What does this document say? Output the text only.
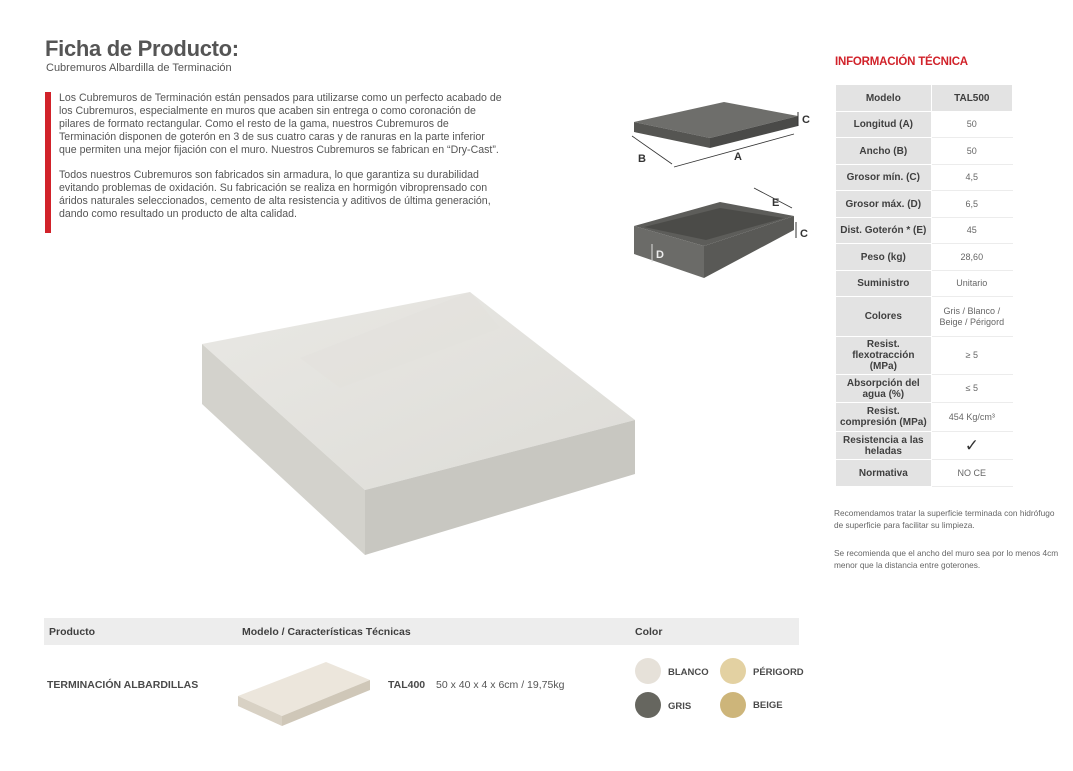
Ficha de Producto:
Cubremuros Albardilla de Terminación

Los Cubremuros de Terminación están pensados para utilizarse como un perfecto acabado de los Cubremuros, especialmente en muros que acaben sin entrega o como coronación de pilares de formato rectangular. Como el resto de la gama, nuestros Cubremuros de Terminación disponen de goterón en 3 de sus cuatro caras y de ranuras en la parte inferior que permiten una mejor fijación con el muro. Nuestros Cubremuros se fabrican en “Dry-Cast”.

Todos nuestros Cubremuros son fabricados sin armadura, lo que garantiza su durabilidad evitando problemas de oxidación. Su fabricación se realiza en hormigón vibroprensado con áridos naturales seleccionados, cemento de alta resistencia y aditivos de última generación, dando como resultado un producto de alta calidad.

B	A
C
E
D
C
INFORMACIÓN TÉCNICA
Modelo	TAL500
Longitud (A)	50
Ancho (B)	50
Grosor mín. (C)	4,5
Grosor máx. (D)	6,5
Dist. Goterón * (E)	45
Peso (kg)	28,60
Suministro	Unitario
Colores	Gris / Blanco / Beige / Périgord
Resist. flexotracción (MPa)	≥ 5
Absorpción del agua (%)	≤ 5
Resist. compresión (MPa)	454 Kg/cm³
Resistencia a las heladas	✓
Normativa	NO CE
Recomendamos tratar la superficie terminada con hidrófugo de superficie para facilitar su limpieza.
Se recomienda que el ancho del muro sea por lo menos 4cm menor que la distancia entre goterones.
Producto	Modelo / Características Técnicas	Color
TERMINACIÓN ALBARDILLAS	TAL400 50 x 40 x 4 x 6cm / 19,75kg
BLANCO	PÉRIGORD
GRIS	BEIGE
